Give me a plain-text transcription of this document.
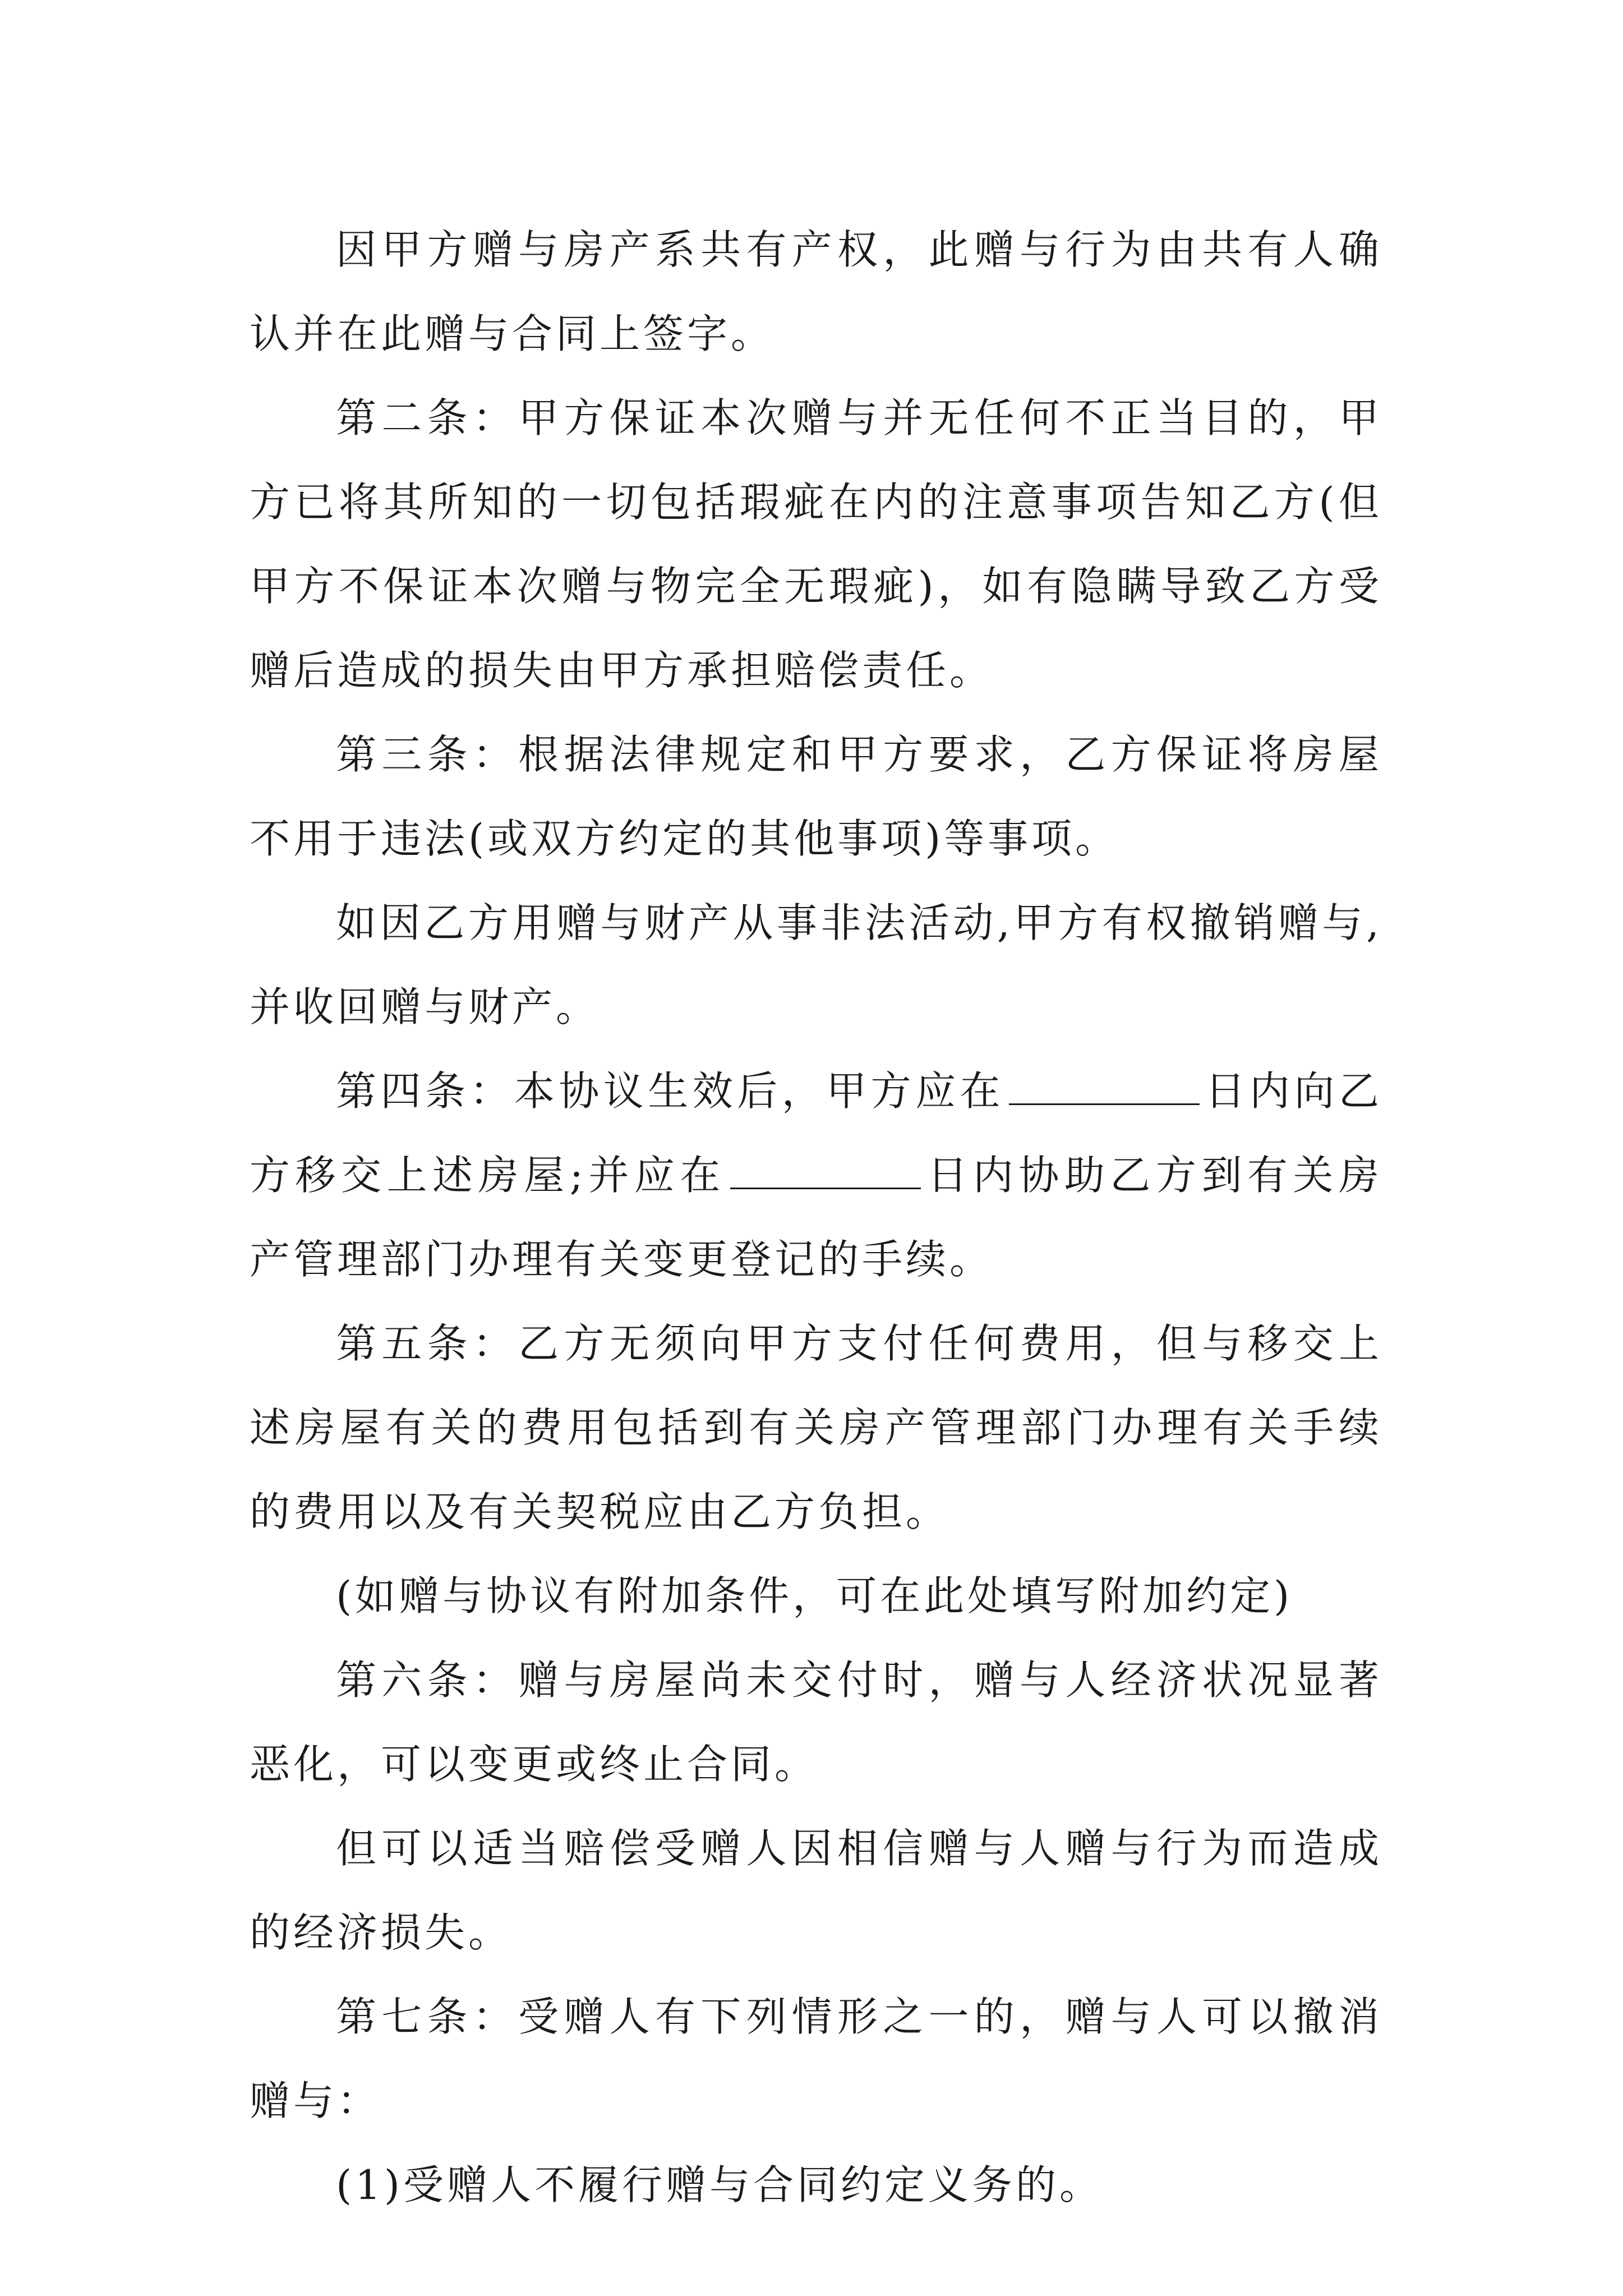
因甲方赠与房产系共有产权，此赠与行为由共有人确认并在此赠与合同上签字。

第二条：甲方保证本次赠与并无任何不正当目的，甲方已将其所知的一切包括瑕疵在内的注意事项告知乙方(但甲方不保证本次赠与物完全无瑕疵)，如有隐瞒导致乙方受赠后造成的损失由甲方承担赔偿责任。

第三条：根据法律规定和甲方要求，乙方保证将房屋不用于违法(或双方约定的其他事项)等事项。

如因乙方用赠与财产从事非法活动,甲方有权撤销赠与,并收回赠与财产。

第四条：本协议生效后，甲方应在	日内向乙方移交上述房屋;并应在	日内协助乙方到有关房产管理部门办理有关变更登记的手续。

第五条：乙方无须向甲方支付任何费用，但与移交上述房屋有关的费用包括到有关房产管理部门办理有关手续的费用以及有关契税应由乙方负担。

(如赠与协议有附加条件，可在此处填写附加约定)

第六条：赠与房屋尚未交付时，赠与人经济状况显著恶化，可以变更或终止合同。

但可以适当赔偿受赠人因相信赠与人赠与行为而造成的经济损失。

第七条：受赠人有下列情形之一的，赠与人可以撤消赠与：

(1)受赠人不履行赠与合同约定义务的。
